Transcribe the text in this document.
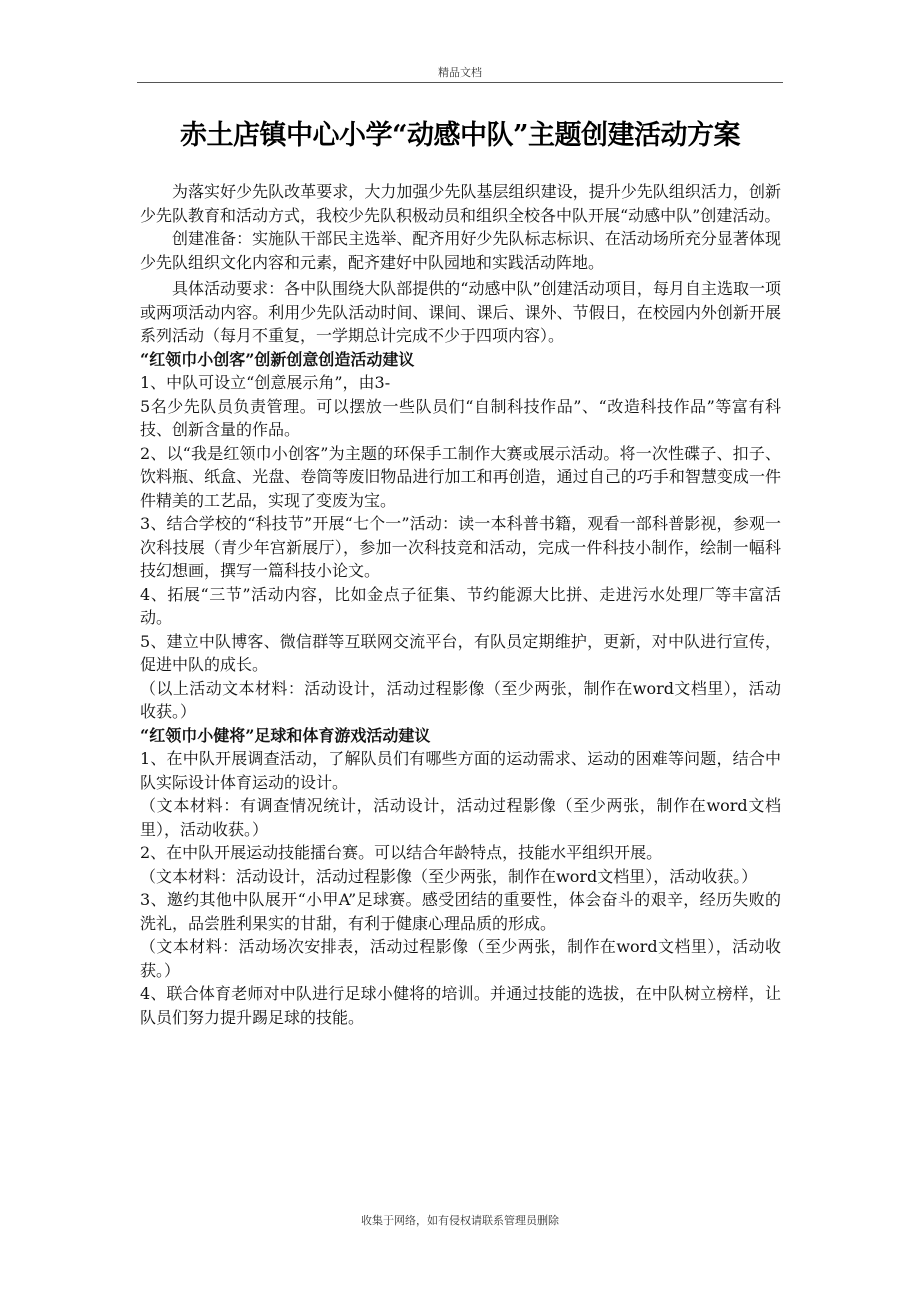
精品文档
赤土店镇中心小学“动感中队”主题创建活动方案

为落实好少先队改革要求，大力加强少先队基层组织建设，提升少先队组织活力，创新少先队教育和活动方式，我校少先队积极动员和组织全校各中队开展“动感中队”创建活动。

创建准备：实施队干部民主选举、配齐用好少先队标志标识、在活动场所充分显著体现少先队组织文化内容和元素，配齐建好中队园地和实践活动阵地。

具体活动要求：各中队围绕大队部提供的“动感中队”创建活动项目，每月自主选取一项或两项活动内容。利用少先队活动时间、课间、课后、课外、节假日，在校园内外创新开展系列活动（每月不重复，一学期总计完成不少于四项内容）。

“红领巾小创客”创新创意创造活动建议

1、中队可设立“创意展示角”，由3-

5名少先队员负责管理。可以摆放一些队员们“自制科技作品”、“改造科技作品”等富有科技、创新含量的作品。

2、以“我是红领巾小创客”为主题的环保手工制作大赛或展示活动。将一次性碟子、扣子、饮料瓶、纸盒、光盘、卷筒等废旧物品进行加工和再创造，通过自己的巧手和智慧变成一件件精美的工艺品，实现了变废为宝。

3、结合学校的“科技节”开展“七个一”活动：读一本科普书籍，观看一部科普影视，参观一次科技展（青少年宫新展厅），参加一次科技竞和活动，完成一件科技小制作，绘制一幅科技幻想画，撰写一篇科技小论文。

4、拓展“三节”活动内容，比如金点子征集、节约能源大比拼、走进污水处理厂等丰富活动。

5、建立中队博客、微信群等互联网交流平台，有队员定期维护，更新，对中队进行宣传，促进中队的成长。

（以上活动文本材料：活动设计，活动过程影像（至少两张，制作在word文档里），活动收获。）

“红领巾小健将”足球和体育游戏活动建议

1、在中队开展调查活动，了解队员们有哪些方面的运动需求、运动的困难等问题，结合中队实际设计体育运动的设计。

（文本材料：有调查情况统计，活动设计，活动过程影像（至少两张，制作在word文档里），活动收获。）

2、在中队开展运动技能擂台赛。可以结合年龄特点，技能水平组织开展。

（文本材料：活动设计，活动过程影像（至少两张，制作在word文档里），活动收获。）

3、邀约其他中队展开“小甲A”足球赛。感受团结的重要性，体会奋斗的艰辛，经历失败的洗礼，品尝胜利果实的甘甜，有利于健康心理品质的形成。

（文本材料：活动场次安排表，活动过程影像（至少两张，制作在word文档里），活动收获。）

4、联合体育老师对中队进行足球小健将的培训。并通过技能的选拔，在中队树立榜样，让队员们努力提升踢足球的技能。

收集于网络，如有侵权请联系管理员删除
